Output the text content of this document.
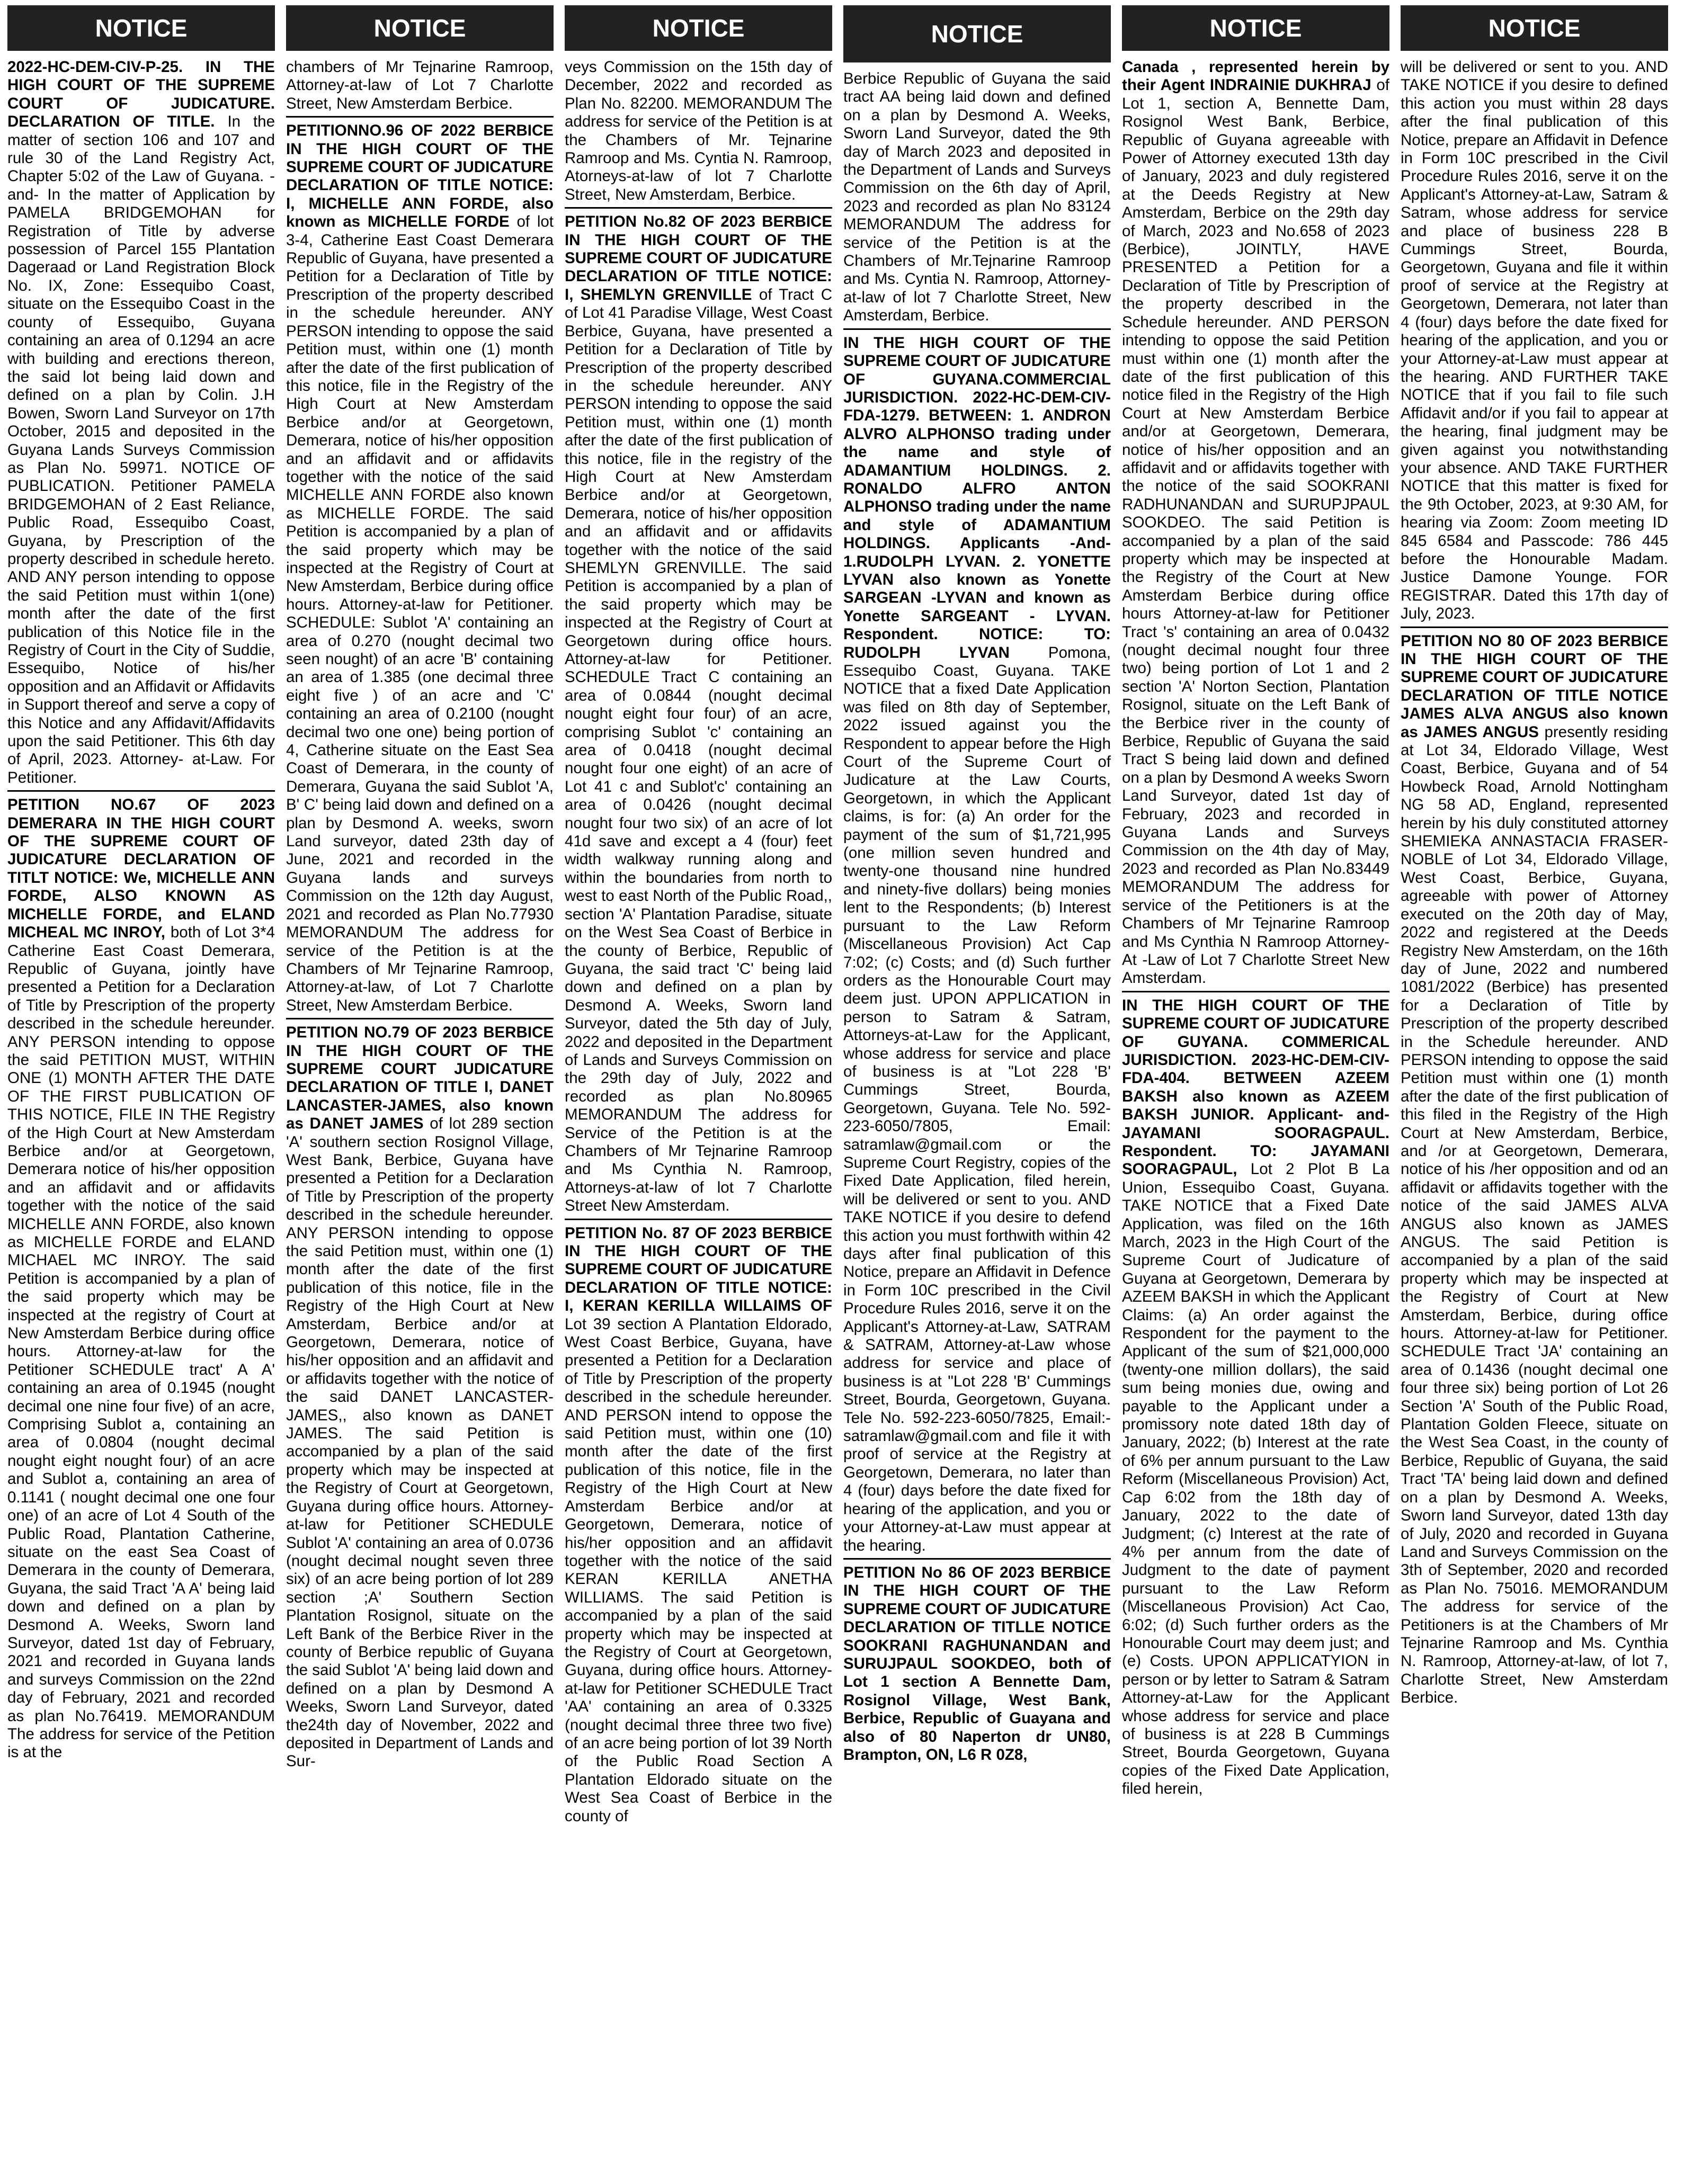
NOTICE
2022-HC-DEM-CIV-P-25. IN THE HIGH COURT OF THE SUPREME COURT OF JUDICATURE. DECLARATION OF TITLE. In the matter of section 106 and 107 and rule 30 of the Land Registry Act, Chapter 5:02 of the Law of Guyana. -and- In the matter of Application by PAMELA BRIDGEMOHAN for Registration of Title by adverse possession of Parcel 155 Plantation Dageraad or Land Registration Block No. IX, Zone: Essequibo Coast, situate on the Essequibo Coast in the county of Essequibo, Guyana containing an area of 0.1294 an acre with building and erections thereon, the said lot being laid down and defined on a plan by Colin. J.H Bowen, Sworn Land Surveyor on 17th October, 2015 and deposited in the Guyana Lands Surveys Commission as Plan No. 59971. NOTICE OF PUBLICATION. Petitioner PAMELA BRIDGEMOHAN of 2 East Reliance, Public Road, Essequibo Coast, Guyana, by Prescription of the property described in schedule hereto. AND ANY person intending to oppose the said Petition must within 1(one) month after the date of the first publication of this Notice file in the Registry of Court in the City of Suddie, Essequibo, Notice of his/her opposition and an Affidavit or Affidavits in Support thereof and serve a copy of this Notice and any Affidavit/Affidavits upon the said Petitioner. This 6th day of April, 2023. Attorney- at-Law. For Petitioner.
PETITION NO.67 OF 2023 DEMERARA IN THE HIGH COURT OF THE SUPREME COURT OF JUDICATURE DECLARATION OF TITLT NOTICE: We, MICHELLE ANN FORDE, ALSO KNOWN AS MICHELLE FORDE, and ELAND MICHEAL MC INROY, both of Lot 3*4 Catherine East Coast Demerara, Republic of Guyana, jointly have presented a Petition for a Declaration of Title by Prescription of the property described in the schedule hereunder. ANY PERSON intending to oppose the said PETITION MUST, WITHIN ONE (1) MONTH AFTER THE DATE OF THE FIRST PUBLICATION OF THIS NOTICE, FILE IN THE Registry of the High Court at New Amsterdam Berbice and/or at Georgetown, Demerara notice of his/her opposition and an affidavit and or affidavits together with the notice of the said MICHELLE ANN FORDE, also known as MICHELLE FORDE and ELAND MICHAEL MC INROY. The said Petition is accompanied by a plan of the said property which may be inspected at the registry of Court at New Amsterdam Berbice during office hours. Attorney-at-law for the Petitioner SCHEDULE tract' A A' containing an area of 0.1945 (nought decimal one nine four five) of an acre, Comprising Sublot a, containing an area of 0.0804 (nought decimal nought eight nought four) of an acre and Sublot a, containing an area of 0.1141 ( nought decimal one one four one) of an acre of Lot 4 South of the Public Road, Plantation Catherine, situate on the east Sea Coast of Demerara in the county of Demerara, Guyana, the said Tract 'A A' being laid down and defined on a plan by Desmond A. Weeks, Sworn land Surveyor, dated 1st day of February, 2021 and recorded in Guyana lands and surveys Commission on the 22nd day of February, 2021 and recorded as plan No.76419. MEMORANDUM The address for service of the Petition is at the
NOTICE
chambers of Mr Tejnarine Ramroop, Attorney-at-law of Lot 7 Charlotte Street, New Amsterdam Berbice.
PETITIONNO.96 OF 2022 BERBICE IN THE HIGH COURT OF THE SUPREME COURT OF JUDICATURE DECLARATION OF TITLE NOTICE: I, MICHELLE ANN FORDE, also known as MICHELLE FORDE of lot 3-4, Catherine East Coast Demerara Republic of Guyana, have presented a Petition for a Declaration of Title by Prescription of the property described in the schedule hereunder. ANY PERSON intending to oppose the said Petition must, within one (1) month after the date of the first publication of this notice, file in the Registry of the High Court at New Amsterdam Berbice and/or at Georgetown, Demerara, notice of his/her opposition and an affidavit and or affidavits together with the notice of the said MICHELLE ANN FORDE also known as MICHELLE FORDE. The said Petition is accompanied by a plan of the said property which may be inspected at the Registry of Court at New Amsterdam, Berbice during office hours. Attorney-at-law for Petitioner. SCHEDULE: Sublot 'A' containing an area of 0.270 (nought decimal two seen nought) of an acre 'B' containing an area of 1.385 (one decimal three eight five ) of an acre and 'C' containing an area of 0.2100 (nought decimal two one one) being portion of 4, Catherine situate on the East Sea Coast of Demerara, in the county of Demerara, Guyana the said Sublot 'A, B' C' being laid down and defined on a plan by Desmond A. weeks, sworn Land surveyor, dated 23th day of June, 2021 and recorded in the Guyana lands and surveys Commission on the 12th day August, 2021 and recorded as Plan No.77930 MEMORANDUM The address for service of the Petition is at the Chambers of Mr Tejnarine Ramroop, Attorney-at-law, of Lot 7 Charlotte Street, New Amsterdam Berbice.
PETITION NO.79 OF 2023 BERBICE IN THE HIGH COURT OF THE SUPREME COURT JUDICATURE DECLARATION OF TITLE I, DANET LANCASTER-JAMES, also known as DANET JAMES of lot 289 section 'A' southern section Rosignol Village, West Bank, Berbice, Guyana have presented a Petition for a Declaration of Title by Prescription of the property described in the schedule hereunder. ANY PERSON intending to oppose the said Petition must, within one (1) month after the date of the first publication of this notice, file in the Registry of the High Court at New Amsterdam, Berbice and/or at Georgetown, Demerara, notice of his/her opposition and an affidavit and or affidavits together with the notice of the said DANET LANCASTER-JAMES,, also known as DANET JAMES. The said Petition is accompanied by a plan of the said property which may be inspected at the Registry of Court at Georgetown, Guyana during office hours. Attorney-at-law for Petitioner SCHEDULE Sublot 'A' containing an area of 0.0736 (nought decimal nought seven three six) of an acre being portion of lot 289 section ;A' Southern Section Plantation Rosignol, situate on the Left Bank of the Berbice River in the county of Berbice republic of Guyana the said Sublot 'A' being laid down and defined on a plan by Desmond A Weeks, Sworn Land Surveyor, dated the24th day of November, 2022 and deposited in Department of Lands and Sur-
NOTICE
veys Commission on the 15th day of December, 2022 and recorded as Plan No. 82200. MEMORANDUM The address for service of the Petition is at the Chambers of Mr. Tejnarine Ramroop and Ms. Cyntia N. Ramroop, Atorneys-at-law of lot 7 Charlotte Street, New Amsterdam, Berbice.
PETITION No.82 OF 2023 BERBICE IN THE HIGH COURT OF THE SUPREME COURT OF JUDICATURE DECLARATION OF TITLE NOTICE: I, SHEMLYN GRENVILLE of Tract C of Lot 41 Paradise Village, West Coast Berbice, Guyana, have presented a Petition for a Declaration of Title by Prescription of the property described in the schedule hereunder. ANY PERSON intending to oppose the said Petition must, within one (1) month after the date of the first publication of this notice, file in the registry of the High Court at New Amsterdam Berbice and/or at Georgetown, Demerara, notice of his/her opposition and an affidavit and or affidavits together with the notice of the said SHEMLYN GRENVILLE. The said Petition is accompanied by a plan of the said property which may be inspected at the Registry of Court at Georgetown during office hours. Attorney-at-law for Petitioner. SCHEDULE Tract C containing an area of 0.0844 (nought decimal nought eight four four) of an acre, comprising Sublot 'c' containing an area of 0.0418 (nought decimal nought four one eight) of an acre of Lot 41 c and Sublot'c' containing an area of 0.0426 (nought decimal nought four two six) of an acre of lot 41d save and except a 4 (four) feet width walkway running along and within the boundaries from north to west to east North of the Public Road,, section 'A' Plantation Paradise, situate on the West Sea Coast of Berbice in the county of Berbice, Republic of Guyana, the said tract 'C' being laid down and defined on a plan by Desmond A. Weeks, Sworn land Surveyor, dated the 5th day of July, 2022 and deposited in the Department of Lands and Surveys Commission on the 29th day of July, 2022 and recorded as plan No.80965 MEMORANDUM The address for Service of the Petition is at the Chambers of Mr Tejnarine Ramroop and Ms Cynthia N. Ramroop, Attorneys-at-law of lot 7 Charlotte Street New Amsterdam.
PETITION No. 87 OF 2023 BERBICE IN THE HIGH COURT OF THE SUPREME COURT OF JUDICATURE DECLARATION OF TITLE NOTICE: I, KERAN KERILLA WILLAIMS OF Lot 39 section A Plantation Eldorado, West Coast Berbice, Guyana, have presented a Petition for a Declaration of Title by Prescription of the property described in the schedule hereunder. AND PERSON intend to oppose the said Petition must, within one (10) month after the date of the first publication of this notice, file in the Registry of the High Court at New Amsterdam Berbice and/or at Georgetown, Demerara, notice of his/her opposition and an affidavit together with the notice of the said KERAN KERILLA ANETHA WILLIAMS. The said Petition is accompanied by a plan of the said property which may be inspected at the Registry of Court at Georgetown, Guyana, during office hours. Attorney-at-law for Petitioner SCHEDULE Tract 'AA' containing an area of 0.3325 (nought decimal three three two five) of an acre being portion of lot 39 North of the Public Road Section A Plantation Eldorado situate on the West Sea Coast of Berbice in the county of
NOTICE
Berbice Republic of Guyana the said tract AA being laid down and defined on a plan by Desmond A. Weeks, Sworn Land Surveyor, dated the 9th day of March 2023 and deposited in the Department of Lands and Surveys Commission on the 6th day of April, 2023 and recorded as plan No 83124 MEMORANDUM The address for service of the Petition is at the Chambers of Mr.Tejnarine Ramroop and Ms. Cyntia N. Ramroop, Attorney-at-law of lot 7 Charlotte Street, New Amsterdam, Berbice.
IN THE HIGH COURT OF THE SUPREME COURT OF JUDICATURE OF GUYANA.COMMERCIAL JURISDICTION. 2022-HC-DEM-CIV-FDA-1279. BETWEEN: 1. ANDRON ALVRO ALPHONSO trading under the name and style of ADAMANTIUM HOLDINGS. 2. RONALDO ALFRO ANTON ALPHONSO trading under the name and style of ADAMANTIUM HOLDINGS. Applicants -And- 1.RUDOLPH LYVAN. 2. YONETTE LYVAN also known as Yonette SARGEAN -LYVAN and known as Yonette SARGEANT - LYVAN. Respondent. NOTICE: TO: RUDOLPH LYVAN Pomona, Essequibo Coast, Guyana. TAKE NOTICE that a fixed Date Application was filed on 8th day of September, 2022 issued against you the Respondent to appear before the High Court of the Supreme Court of Judicature at the Law Courts, Georgetown, in which the Applicant claims, is for: (a) An order for the payment of the sum of $1,721,995 (one million seven hundred and twenty-one thousand nine hundred and ninety-five dollars) being monies lent to the Respondents; (b) Interest pursuant to the Law Reform (Miscellaneous Provision) Act Cap 7:02; (c) Costs; and (d) Such further orders as the Honourable Court may deem just. UPON APPLICATION in person to Satram & Satram, Attorneys-at-Law for the Applicant, whose address for service and place of business is at "Lot 228 'B' Cummings Street, Bourda, Georgetown, Guyana. Tele No. 592-223-6050/7805, Email: satramlaw@gmail.com or the Supreme Court Registry, copies of the Fixed Date Application, filed herein, will be delivered or sent to you. AND TAKE NOTICE if you desire to defend this action you must forthwith within 42 days after final publication of this Notice, prepare an Affidavit in Defence in Form 10C prescribed in the Civil Procedure Rules 2016, serve it on the Applicant's Attorney-at-Law, SATRAM & SATRAM, Attorney-at-Law whose address for service and place of business is at "Lot 228 'B' Cummings Street, Bourda, Georgetown, Guyana. Tele No. 592-223-6050/7825, Email:-satramlaw@gmail.com and file it with proof of service at the Registry at Georgetown, Demerara, no later than 4 (four) days before the date fixed for hearing of the application, and you or your Attorney-at-Law must appear at the hearing.
PETITION No 86 OF 2023 BERBICE IN THE HIGH COURT OF THE SUPREME COURT OF JUDICATURE DECLARATION OF TITLLE NOTICE SOOKRANI RAGHUNANDAN and SURUJPAUL SOOKDEO, both of Lot 1 section A Bennette Dam, Rosignol Village, West Bank, Berbice, Republic of Guayana and also of 80 Naperton dr UN80, Brampton, ON, L6 R 0Z8,
NOTICE
Canada , represented herein by their Agent INDRAINIE DUKHRAJ of Lot 1, section A, Bennette Dam, Rosignol West Bank, Berbice, Republic of Guyana agreeable with Power of Attorney executed 13th day of January, 2023 and duly registered at the Deeds Registry at New Amsterdam, Berbice on the 29th day of March, 2023 and No.658 of 2023 (Berbice), JOINTLY, HAVE PRESENTED a Petition for a Declaration of Title by Prescription of the property described in the Schedule hereunder. AND PERSON intending to oppose the said Petition must within one (1) month after the date of the first publication of this notice filed in the Registry of the High Court at New Amsterdam Berbice and/or at Georgetown, Demerara, notice of his/her opposition and an affidavit and or affidavits together with the notice of the said SOOKRANI RADHUNANDAN and SURUPJPAUL SOOKDEO. The said Petition is accompanied by a plan of the said property which may be inspected at the Registry of the Court at New Amsterdam Berbice during office hours Attorney-at-law for Petitioner Tract 's' containing an area of 0.0432 (nought decimal nought four three two) being portion of Lot 1 and 2 section 'A' Norton Section, Plantation Rosignol, situate on the Left Bank of the Berbice river in the county of Berbice, Republic of Guyana the said Tract S being laid down and defined on a plan by Desmond A weeks Sworn Land Surveyor, dated 1st day of February, 2023 and recorded in Guyana Lands and Surveys Commission on the 4th day of May, 2023 and recorded as Plan No.83449 MEMORANDUM The address for service of the Petitioners is at the Chambers of Mr Tejnarine Ramroop and Ms Cynthia N Ramroop Attorney-At -Law of Lot 7 Charlotte Street New Amsterdam.
IN THE HIGH COURT OF THE SUPREME COURT OF JUDICATURE OF GUYANA. COMMERICAL JURISDICTION. 2023-HC-DEM-CIV-FDA-404. BETWEEN AZEEM BAKSH also known as AZEEM BAKSH JUNIOR. Applicant- and- JAYAMANI SOORAGPAUL. Respondent. TO: JAYAMANI SOORAGPAUL, Lot 2 Plot B La Union, Essequibo Coast, Guyana. TAKE NOTICE that a Fixed Date Application, was filed on the 16th March, 2023 in the High Court of the Supreme Court of Judicature of Guyana at Georgetown, Demerara by AZEEM BAKSH in which the Applicant Claims: (a) An order against the Respondent for the payment to the Applicant of the sum of $21,000,000 (twenty-one million dollars), the said sum being monies due, owing and payable to the Applicant under a promissory note dated 18th day of January, 2022; (b) Interest at the rate of 6% per annum pursuant to the Law Reform (Miscellaneous Provision) Act, Cap 6:02 from the 18th day of January, 2022 to the date of Judgment; (c) Interest at the rate of 4% per annum from the date of Judgment to the date of payment pursuant to the Law Reform (Miscellaneous Provision) Act Cao, 6:02; (d) Such further orders as the Honourable Court may deem just; and (e) Costs. UPON APPLICATYION in person or by letter to Satram & Satram Attorney-at-Law for the Applicant whose address for service and place of business is at 228 B Cummings Street, Bourda Georgetown, Guyana copies of the Fixed Date Application, filed herein,
NOTICE
will be delivered or sent to you. AND TAKE NOTICE if you desire to defined this action you must within 28 days after the final publication of this Notice, prepare an Affidavit in Defence in Form 10C prescribed in the Civil Procedure Rules 2016, serve it on the Applicant's Attorney-at-Law, Satram & Satram, whose address for service and place of business 228 B Cummings Street, Bourda, Georgetown, Guyana and file it within proof of service at the Registry at Georgetown, Demerara, not later than 4 (four) days before the date fixed for hearing of the application, and you or your Attorney-at-Law must appear at the hearing. AND FURTHER TAKE NOTICE that if you fail to file such Affidavit and/or if you fail to appear at the hearing, final judgment may be given against you notwithstanding your absence. AND TAKE FURTHER NOTICE that this matter is fixed for the 9th October, 2023, at 9:30 AM, for hearing via Zoom: Zoom meeting ID 845 6584 and Passcode: 786 445 before the Honourable Madam. Justice Damone Younge. FOR REGISTRAR. Dated this 17th day of July, 2023.
PETITION NO 80 OF 2023 BERBICE IN THE HIGH COURT OF THE SUPREME COURT OF JUDICATURE DECLARATION OF TITLE NOTICE JAMES ALVA ANGUS also known as JAMES ANGUS presently residing at Lot 34, Eldorado Village, West Coast, Berbice, Guyana and of 54 Howbeck Road, Arnold Nottingham NG 58 AD, England, represented herein by his duly constituted attorney SHEMIEKA ANNASTACIA FRASER-NOBLE of Lot 34, Eldorado Village, West Coast, Berbice, Guyana, agreeable with power of Attorney executed on the 20th day of May, 2022 and registered at the Deeds Registry New Amsterdam, on the 16th day of June, 2022 and numbered 1081/2022 (Berbice) has presented for a Declaration of Title by Prescription of the property described in the Schedule hereunder. AND PERSON intending to oppose the said Petition must within one (1) month after the date of the first publication of this filed in the Registry of the High Court at New Amsterdam, Berbice, and /or at Georgetown, Demerara, notice of his /her opposition and od an affidavit or affidavits together with the notice of the said JAMES ALVA ANGUS also known as JAMES ANGUS. The said Petition is accompanied by a plan of the said property which may be inspected at the Registry of Court at New Amsterdam, Berbice, during office hours. Attorney-at-law for Petitioner. SCHEDULE Tract 'JA' containing an area of 0.1436 (nought decimal one four three six) being portion of Lot 26 Section 'A' South of the Public Road, Plantation Golden Fleece, situate on the West Sea Coast, in the county of Berbice, Republic of Guyana, the said Tract 'TA' being laid down and defined on a plan by Desmond A. Weeks, Sworn land Surveyor, dated 13th day of July, 2020 and recorded in Guyana Land and Surveys Commission on the 3th of September, 2020 and recorded as Plan No. 75016. MEMORANDUM The address for service of the Petitioners is at the Chambers of Mr Tejnarine Ramroop and Ms. Cynthia N. Ramroop, Attorney-at-law, of lot 7, Charlotte Street, New Amsterdam Berbice.
